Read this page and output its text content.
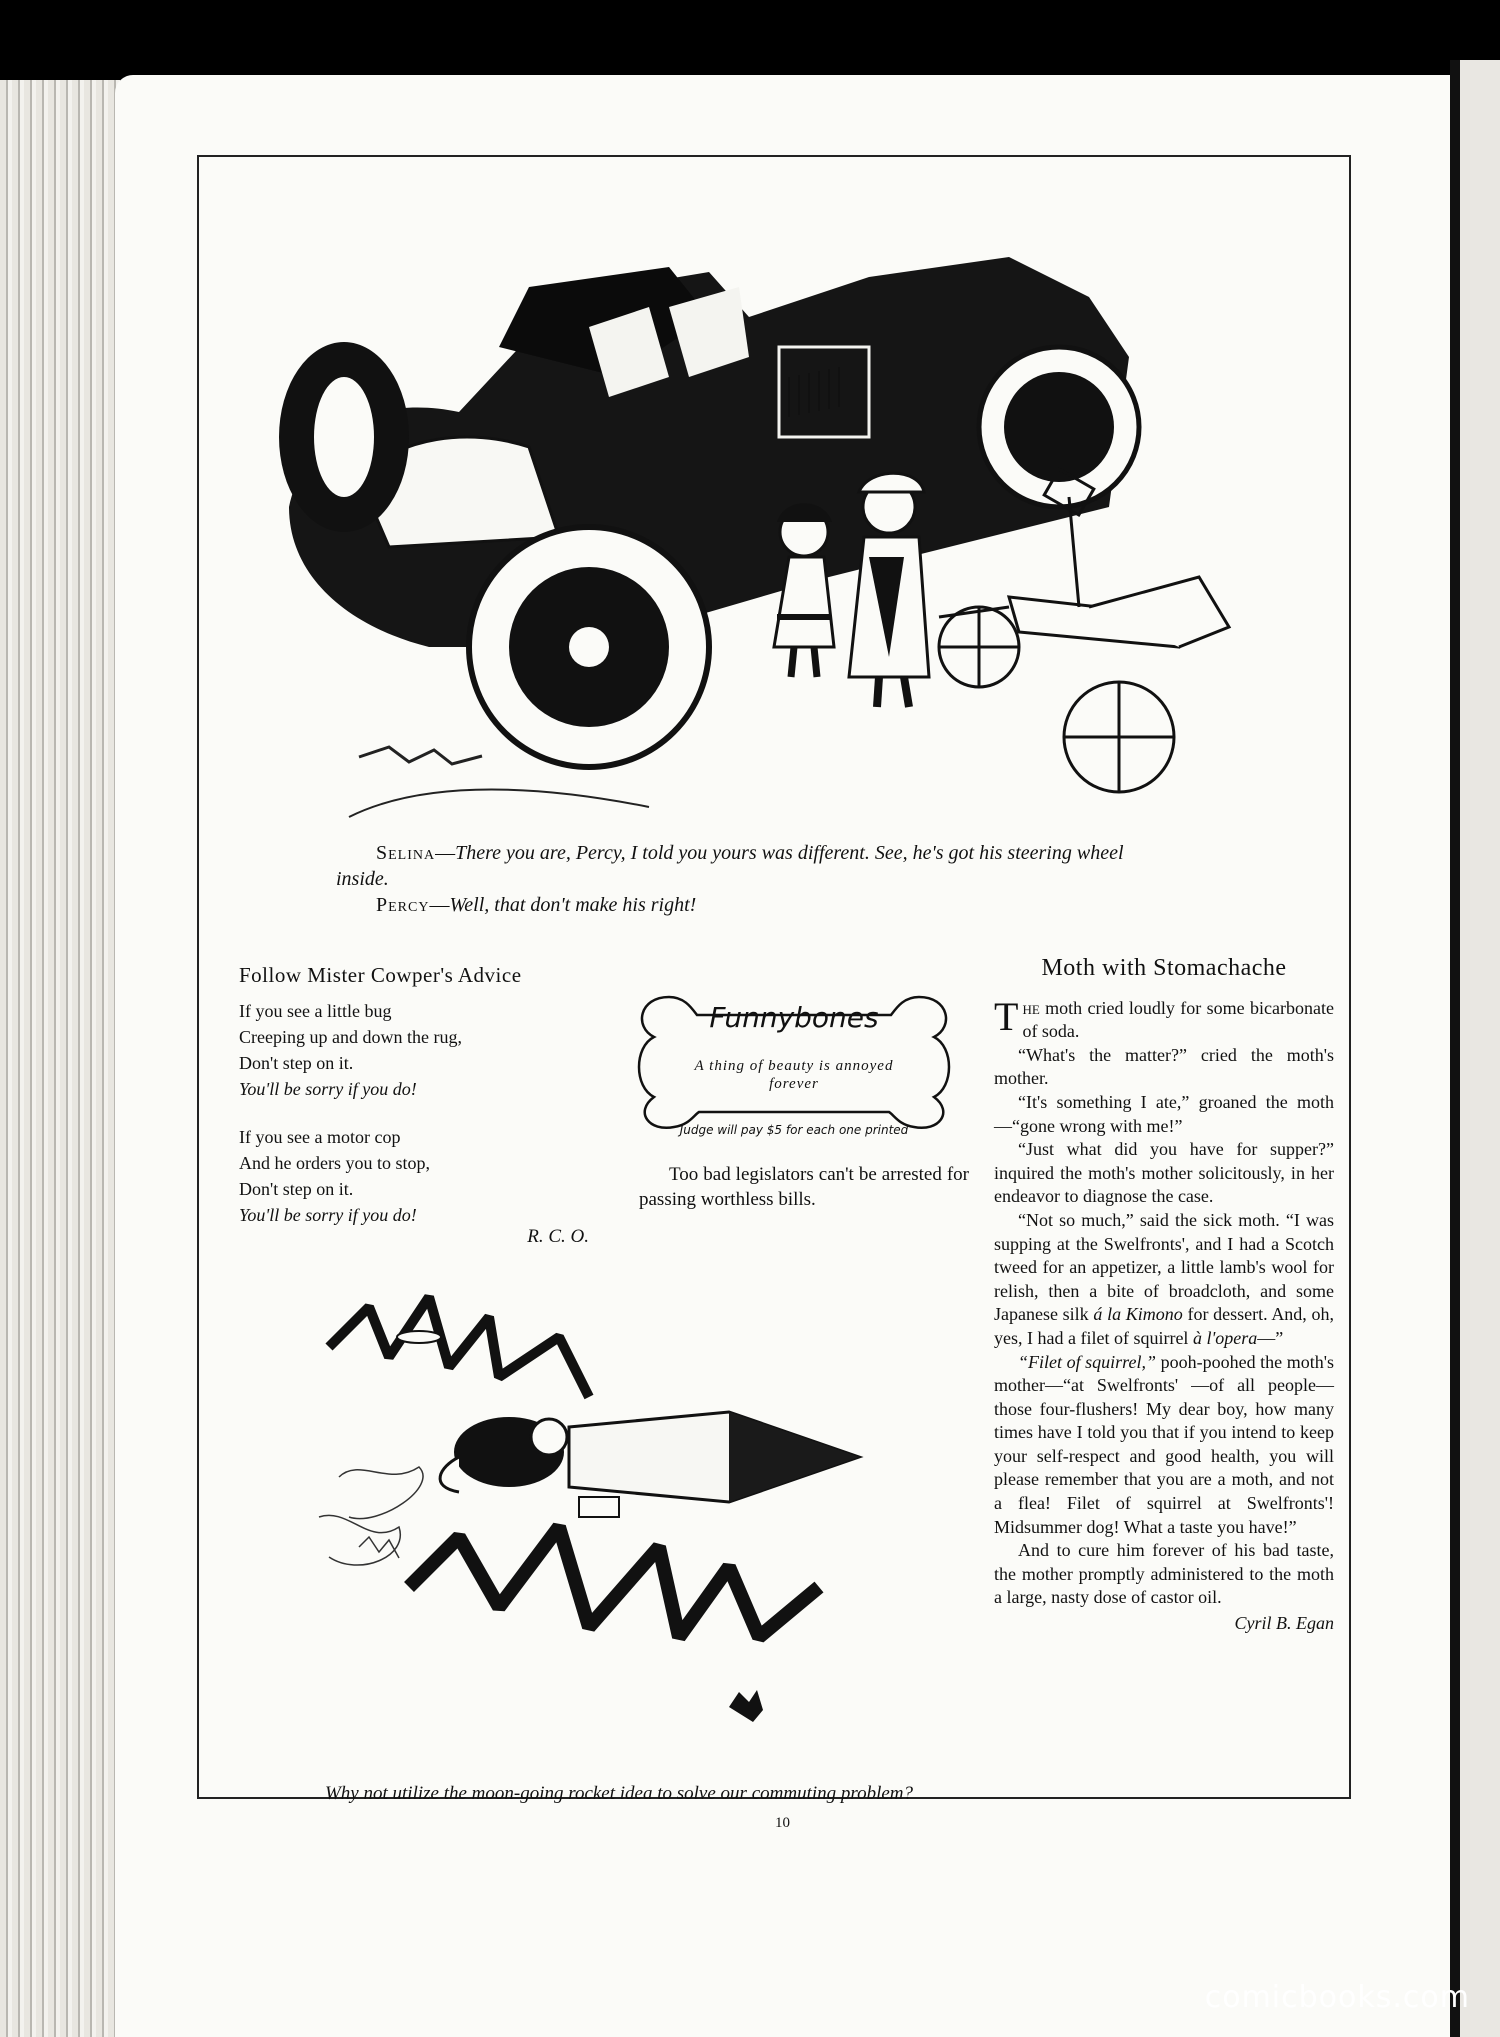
Selina—There you are, Percy, I told you yours was different. See, he's got his steering wheel inside.

Percy—Well, that don't make his right!

Follow Mister Cowper's Advice
If you see a little bug
Creeping up and down the rug,
Don't step on it.
You'll be sorry if you do!
If you see a motor cop
And he orders you to stop,
Don't step on it.
You'll be sorry if you do!
R. C. O.
Funnybones
A thing of beauty is annoyed forever
Judge will pay $5 for each one printed
Too bad legislators can't be arrested for passing worthless bills.
Moth with Stomachache

The moth cried loudly for some bicarbonate of soda.

“What's the matter?” cried the moth's mother.

“It's something I ate,” groaned the moth—“gone wrong with me!”

“Just what did you have for supper?” inquired the moth's mother solicitously, in her endeavor to diagnose the case.

“Not so much,” said the sick moth. “I was supping at the Swelfronts', and I had a Scotch tweed for an appetizer, a little lamb's wool for relish, then a bite of broadcloth, and some Japanese silk á la Kimono for dessert. And, oh, yes, I had a filet of squirrel à l'opera—”

“Filet of squirrel,” pooh-poohed the moth's mother—“at Swelfronts' —of all people—those four-flushers! My dear boy, how many times have I told you that if you intend to keep your self-respect and good health, you will please remember that you are a moth, and not a flea! Filet of squirrel at Swelfronts'! Midsummer dog! What a taste you have!”

And to cure him forever of his bad taste, the mother promptly administered to the moth a large, nasty dose of castor oil.

Cyril B. Egan

Why not utilize the moon-going rocket idea to solve our commuting problem?
10
comicbooks.com
